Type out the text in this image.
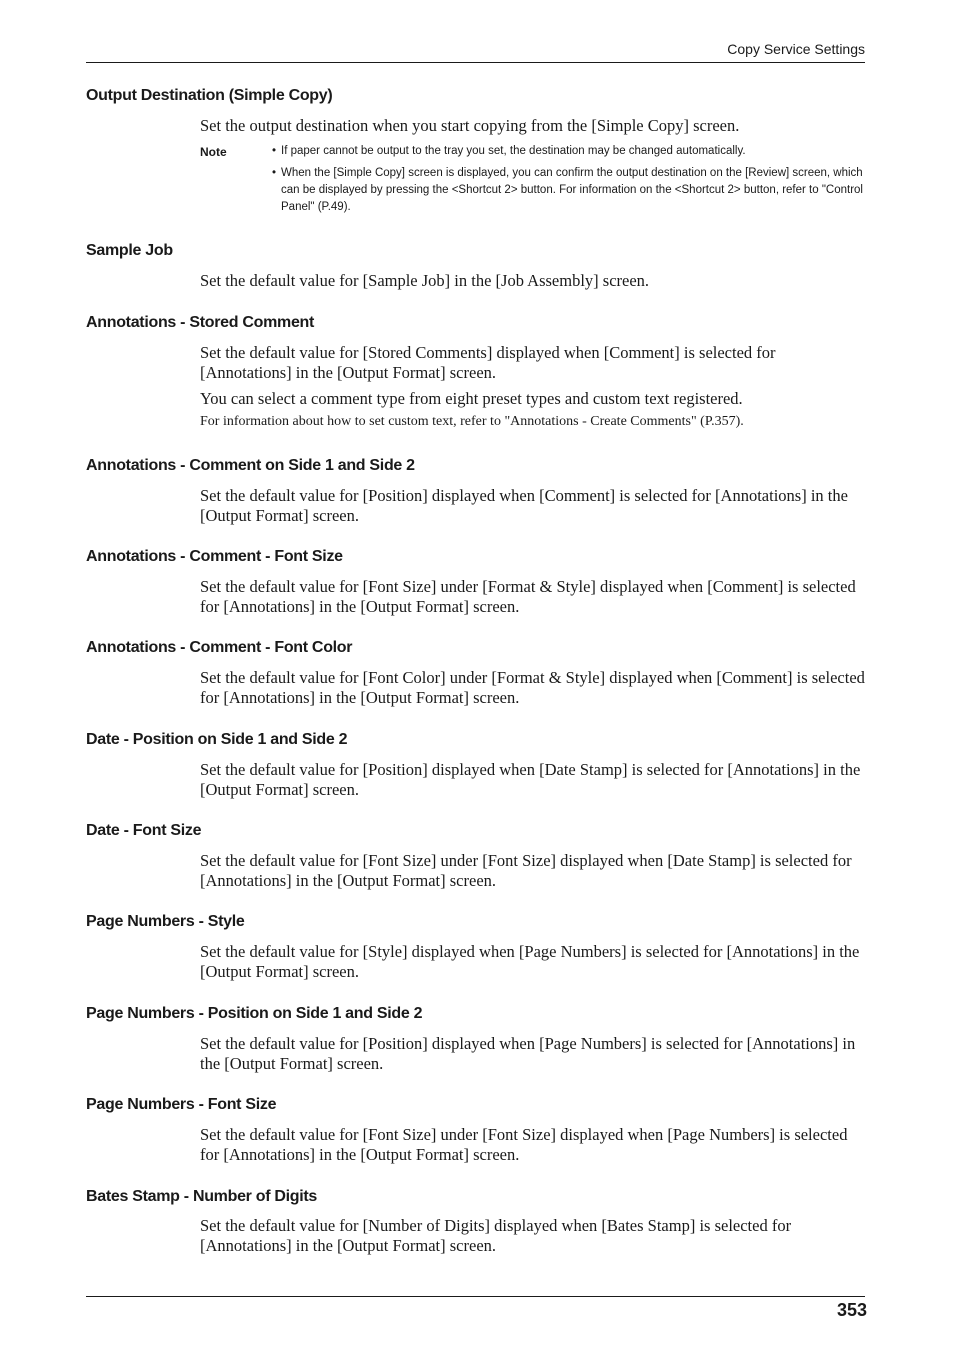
Copy Service Settings
Output Destination (Simple Copy)
Set the output destination when you start copying from the [Simple Copy] screen.
Note	• If paper cannot be output to the tray you set, the destination may be changed automatically.
• When the [Simple Copy] screen is displayed, you can confirm the output destination on the [Review] screen, which can be displayed by pressing the <Shortcut 2> button. For information on the <Shortcut 2> button, refer to "Control Panel" (P.49).
Sample Job
Set the default value for [Sample Job] in the [Job Assembly] screen.
Annotations - Stored Comment
Set the default value for [Stored Comments] displayed when [Comment] is selected for [Annotations] in the [Output Format] screen.
You can select a comment type from eight preset types and custom text registered.
For information about how to set custom text, refer to "Annotations - Create Comments" (P.357).
Annotations - Comment on Side 1 and Side 2
Set the default value for [Position] displayed when [Comment] is selected for [Annotations] in the [Output Format] screen.
Annotations - Comment - Font Size
Set the default value for [Font Size] under [Format & Style] displayed when [Comment] is selected for [Annotations] in the [Output Format] screen.
Annotations - Comment - Font Color
Set the default value for [Font Color] under [Format & Style] displayed when [Comment] is selected for [Annotations] in the [Output Format] screen.
Date - Position on Side 1 and Side 2
Set the default value for [Position] displayed when [Date Stamp] is selected for [Annotations] in the [Output Format] screen.
Date - Font Size
Set the default value for [Font Size] under [Font Size] displayed when [Date Stamp] is selected for [Annotations] in the [Output Format] screen.
Page Numbers - Style
Set the default value for [Style] displayed when [Page Numbers] is selected for [Annotations] in the [Output Format] screen.
Page Numbers - Position on Side 1 and Side 2
Set the default value for [Position] displayed when [Page Numbers] is selected for [Annotations] in the [Output Format] screen.
Page Numbers - Font Size
Set the default value for [Font Size] under [Font Size] displayed when [Page Numbers] is selected for [Annotations] in the [Output Format] screen.
Bates Stamp - Number of Digits
Set the default value for [Number of Digits] displayed when [Bates Stamp] is selected for [Annotations] in the [Output Format] screen.
353
